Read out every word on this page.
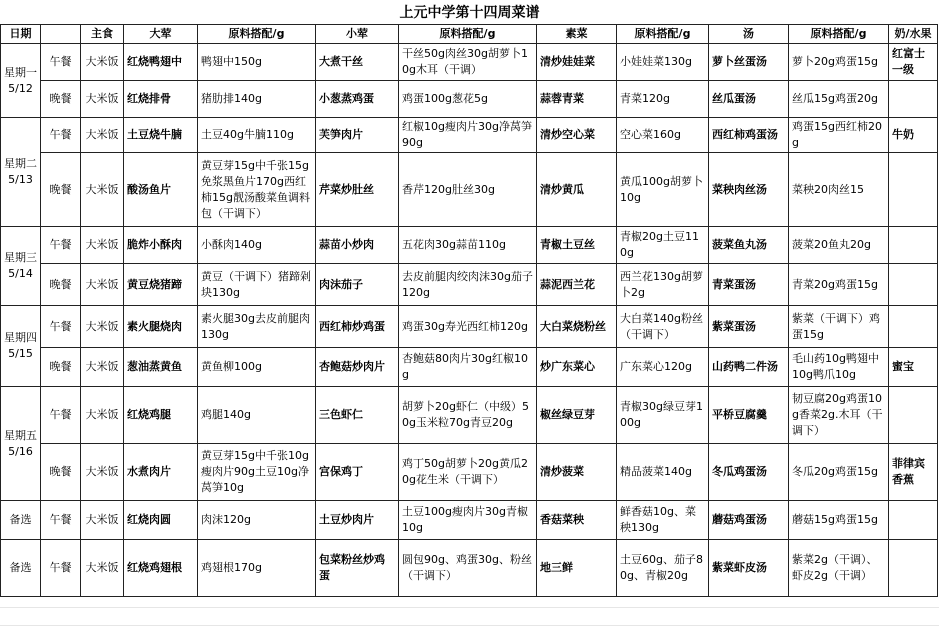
上元中学第十四周菜谱
日期		主食	大荤	原料搭配/g	小荤	原料搭配/g	素菜	原料搭配/g	汤	原料搭配/g	奶/水果
星期一
5/12	午餐	大米饭	红烧鸭翅中	鸭翅中150g	大煮干丝	干丝50g肉丝30g胡萝卜10g木耳（干调）	清炒娃娃菜	小娃娃菜130g	萝卜丝蛋汤	萝卜20g鸡蛋15g	红富士一级
	晚餐	大米饭	红烧排骨	猪肋排140g	小葱蒸鸡蛋	鸡蛋100g葱花5g	蒜蓉青菜	青菜120g	丝瓜蛋汤	丝瓜15g鸡蛋20g	
星期二
5/13	午餐	大米饭	土豆烧牛腩	土豆40g牛腩110g	芙笋肉片	红椒10g瘦肉片30g净莴笋90g	清炒空心菜	空心菜160g	西红柿鸡蛋汤	鸡蛋15g西红柿20g	牛奶
	晚餐	大米饭	酸汤鱼片	黄豆芽15g中千张15g免浆黑鱼片170g西红柿15g靓汤酸菜鱼调料包（干调下）	芹菜炒肚丝	香芹120g肚丝30g	清炒黄瓜	黄瓜100g胡萝卜10g	菜秧肉丝汤	菜秧20肉丝15	
星期三
5/14	午餐	大米饭	脆炸小酥肉	小酥肉140g	蒜苗小炒肉	五花肉30g蒜苗110g	青椒土豆丝	青椒20g土豆110g	菠菜鱼丸汤	菠菜20鱼丸20g	
	晚餐	大米饭	黄豆烧猪蹄	黄豆（干调下）猪蹄剁块130g	肉沫茄子	去皮前腿肉绞肉沫30g茄子120g	蒜泥西兰花	西兰花130g胡萝卜2g	青菜蛋汤	青菜20g鸡蛋15g	
星期四
5/15	午餐	大米饭	素火腿烧肉	素火腿30g去皮前腿肉130g	西红柿炒鸡蛋	鸡蛋30g寿光西红柿120g	大白菜烧粉丝	大白菜140g粉丝（干调下）	紫菜蛋汤	紫菜（干调下）鸡蛋15g	
	晚餐	大米饭	葱油蒸黄鱼	黄鱼柳100g	杏鲍菇炒肉片	杏鲍菇80肉片30g红椒10g	炒广东菜心	广东菜心120g	山药鸭二件汤	毛山药10g鸭翅中10g鸭爪10g	蜜宝
星期五
5/16	午餐	大米饭	红烧鸡腿	鸡腿140g	三色虾仁	胡萝卜20g虾仁（中级）50g玉米粒70g青豆20g	椒丝绿豆芽	青椒30g绿豆芽100g	平桥豆腐羹	韧豆腐20g鸡蛋10g香菜2g.木耳（干调下）	
	晚餐	大米饭	水煮肉片	黄豆芽15g中千张10g瘦肉片90g土豆10g净莴笋10g	宫保鸡丁	鸡丁50g胡萝卜20g黄瓜20g花生米（干调下）	清炒菠菜	精品菠菜140g	冬瓜鸡蛋汤	冬瓜20g鸡蛋15g	菲律宾香蕉
备选	午餐	大米饭	红烧肉圆	肉沫120g	土豆炒肉片	土豆100g瘦肉片30g青椒10g	香菇菜秧	鲜香菇10g、菜秧130g	蘑菇鸡蛋汤	蘑菇15g鸡蛋15g	
备选	午餐	大米饭	红烧鸡翅根	鸡翅根170g	包菜粉丝炒鸡蛋	圆包90g、鸡蛋30g、粉丝（干调下）	地三鲜	土豆60g、茄子80g、青椒20g	紫菜虾皮汤	紫菜2g（干调）、虾皮2g（干调）	
